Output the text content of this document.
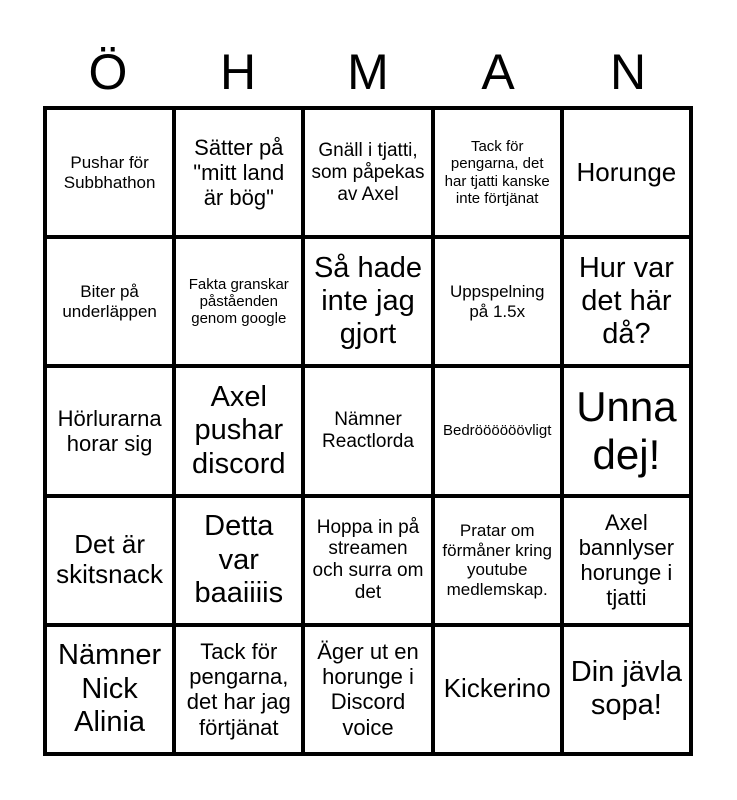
Ö	H	M	A	N
Pushar för Subbhathon
Sätter på "mitt land är bög"
Gnäll i tjatti, som påpekas av Axel
Tack för pengarna, det har tjatti kanske inte förtjänat
Horunge
Biter på underläppen
Fakta granskar påståenden genom google
Så hade inte jag gjort
Uppspelning på 1.5x
Hur var det här då?
Hörlurarna horar sig
Axel pushar discord
Nämner Reactlorda
Bedröööööövligt
Unna dej!
Det är skitsnack
Detta var baaiiiis
Hoppa in på streamen och surra om det
Pratar om förmåner kring youtube medlemskap.
Axel bannlyser horunge i tjatti
Nämner Nick Alinia
Tack för pengarna, det har jag förtjänat
Äger ut en horunge i Discord voice
Kickerino
Din jävla sopa!
